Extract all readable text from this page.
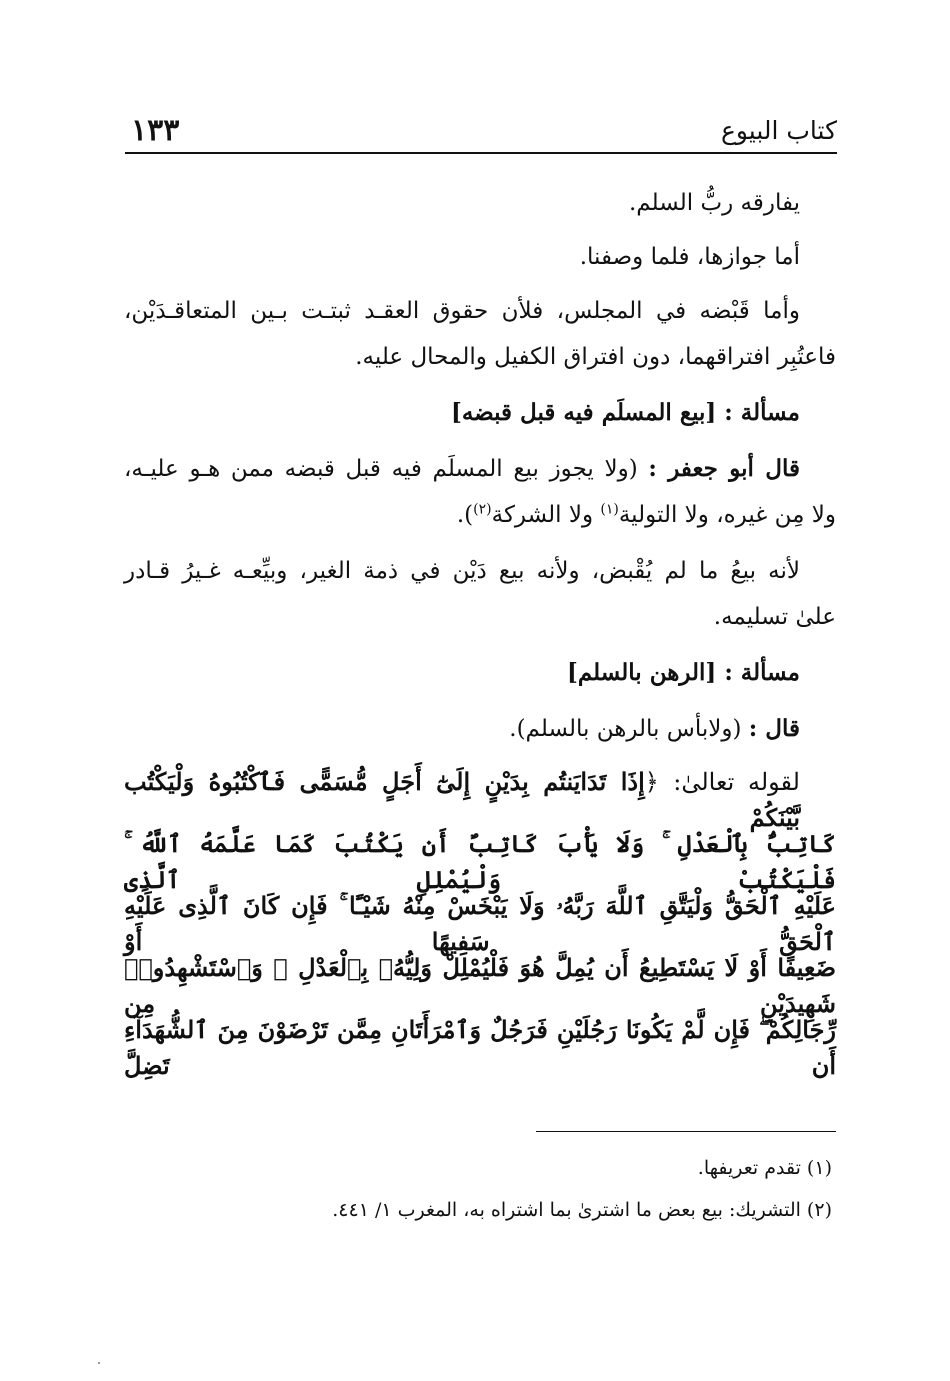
كتاب البيوع
١٣٣
يفارقه ربُّ السلم.
أما جوازها، فلما وصفنا.
وأما قَبْضه في المجلس، فلأن حقوق العقـد ثبتـت بـين المتعاقـدَيْن،
فاعتُبِر افتراقهما، دون افتراق الكفيل والمحال عليه.
مسألة : [بيع المسلَم فيه قبل قبضه]
قال أبو جعفر : (ولا يجوز بيع المسلَم فيه قبل قبضه ممن هـو عليـه،
ولا مِن غيره، ولا التولية$^{(١)}$ ولا الشركة$^{(٢)}$).
لأنه بيعُ ما لم يُقْبض، ولأنه بيع دَيْن في ذمة الغير، وبيِّعـه غـيرُ قـادر
علىٰ تسليمه.
مسألة : [الرهن بالسلم]
قال : (ولابأس بالرهن بالسلم).
لقوله تعالىٰ: ﴿إِذَا تَدَايَنتُم بِدَيْنٍ إِلَىٰٓ أَجَلٍ مُّسَمًّى فَٱكْتُبُوهُ وَلْيَكْتُب بَّيْنَكُمْ
كَاتِبٌۢ بِٱلْعَدْلِ ۚ وَلَا يَأْبَ كَاتِبٌ أَن يَكْتُبَ كَمَا عَلَّمَهُ ٱللَّهُ ۚ فَلْيَكْتُبْ وَلْيُمْلِلِ ٱلَّذِى
عَلَيْهِ ٱلْحَقُّ وَلْيَتَّقِ ٱللَّهَ رَبَّهُۥ وَلَا يَبْخَسْ مِنْهُ شَيْـًٔا ۚ فَإِن كَانَ ٱلَّذِى عَلَيْهِ ٱلْحَقُّ سَفِيهًا أَوْ
ضَعِيفًا أَوْ لَا يَسْتَطِيعُ أَن يُمِلَّ هُوَ فَلْيُمْلِلْ وَلِيُّهُۥ بِٱلْعَدْلِ ۚ وَٱسْتَشْهِدُوا۟ شَهِيدَيْنِ مِن
رِّجَالِكُمْ ۖ فَإِن لَّمْ يَكُونَا رَجُلَيْنِ فَرَجُلٌ وَٱمْرَأَتَانِ مِمَّن تَرْضَوْنَ مِنَ ٱلشُّهَدَآءِ أَن تَضِلَّ
(١) تقدم تعريفها.
(٢) التشريك: بيع بعض ما اشترىٰ بما اشتراه به، المغرب ١/ ٤٤١.
